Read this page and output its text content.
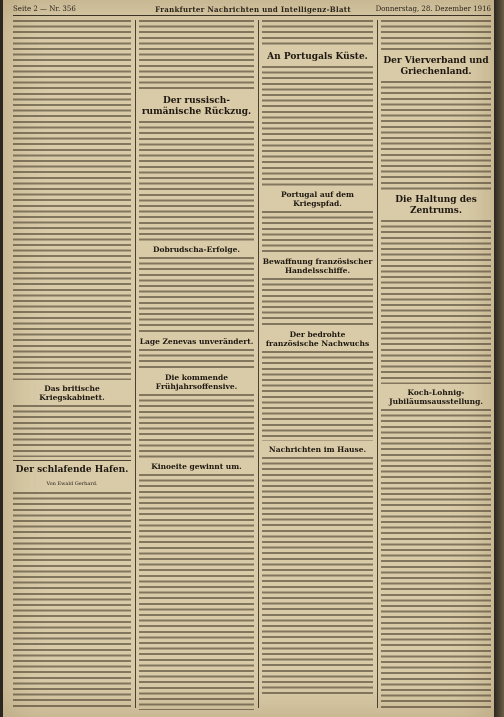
Seite 2 — Nr. 356	Frankfurter Nachrichten und Intelligenz-Blatt	Donnerstag, 28. Dezember 1916
Das britische Kriegskabinett.
Der schlafende Hafen.
Von Ewald Gerhard.
Der russisch-rumänische Rückzug.
Dobrudscha-Erfolge.
Lage Zenevas unverändert.
Die kommende Frühjahrsoffensive.
Kinoeite gewinnt um.
An Portugals Küste.
Portugal auf dem Kriegspfad.
Bewaffnung französischer Handelsschiffe.
Der bedrohte französische Nachwuchs
Nachrichten im Hause.
Der Vierverband und Griechenland.
Die Haltung des Zentrums.
Koch-Lohnig-Jubiläumsausstellung.
